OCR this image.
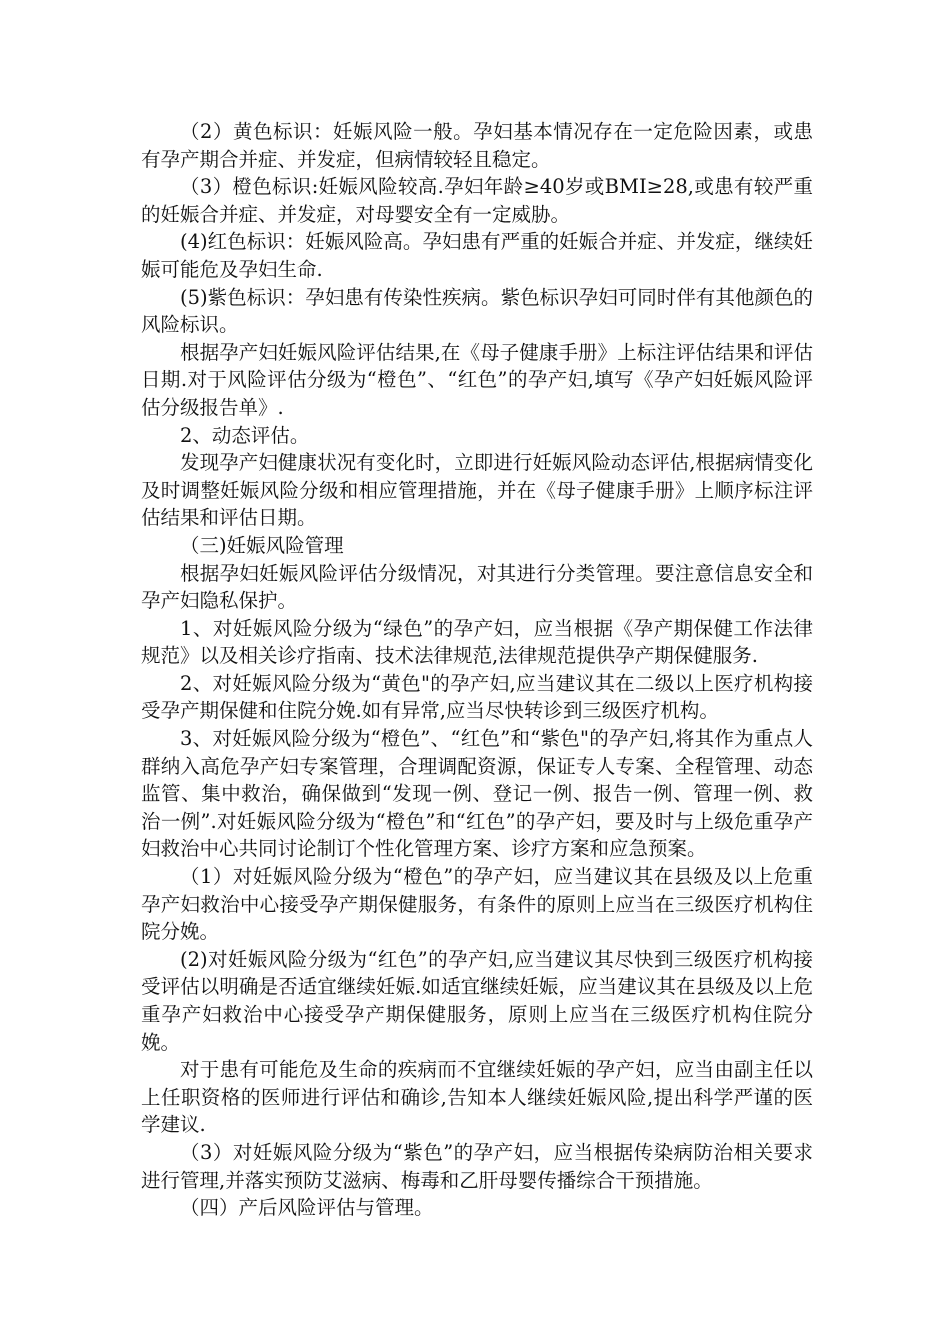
（2）黄色标识：妊娠风险一般。孕妇基本情况存在一定危险因素，或患有孕产期合并症、并发症，但病情较轻且稳定。

（3）橙色标识:妊娠风险较高.孕妇年龄≥40岁或BMI≥28,或患有较严重的妊娠合并症、并发症，对母婴安全有一定威胁。

(4)红色标识：妊娠风险高。孕妇患有严重的妊娠合并症、并发症，继续妊娠可能危及孕妇生命.

(5)紫色标识：孕妇患有传染性疾病。紫色标识孕妇可同时伴有其他颜色的风险标识。

根据孕产妇妊娠风险评估结果,在《母子健康手册》上标注评估结果和评估日期.对于风险评估分级为“橙色”、“红色”的孕产妇,填写《孕产妇妊娠风险评估分级报告单》.

2、动态评估。

发现孕产妇健康状况有变化时，立即进行妊娠风险动态评估,根据病情变化及时调整妊娠风险分级和相应管理措施，并在《母子健康手册》上顺序标注评估结果和评估日期。

（三)妊娠风险管理

根据孕妇妊娠风险评估分级情况，对其进行分类管理。要注意信息安全和孕产妇隐私保护。

1、对妊娠风险分级为“绿色”的孕产妇，应当根据《孕产期保健工作法律规范》以及相关诊疗指南、技术法律规范,法律规范提供孕产期保健服务.

2、对妊娠风险分级为“黄色"的孕产妇,应当建议其在二级以上医疗机构接受孕产期保健和住院分娩.如有异常,应当尽快转诊到三级医疗机构。

3、对妊娠风险分级为“橙色”、“红色”和“紫色"的孕产妇,将其作为重点人群纳入高危孕产妇专案管理，合理调配资源，保证专人专案、全程管理、动态监管、集中救治，确保做到“发现一例、登记一例、报告一例、管理一例、救治一例”.对妊娠风险分级为“橙色”和“红色”的孕产妇，要及时与上级危重孕产妇救治中心共同讨论制订个性化管理方案、诊疗方案和应急预案。

（1）对妊娠风险分级为“橙色”的孕产妇，应当建议其在县级及以上危重孕产妇救治中心接受孕产期保健服务，有条件的原则上应当在三级医疗机构住院分娩。

(2)对妊娠风险分级为“红色”的孕产妇,应当建议其尽快到三级医疗机构接受评估以明确是否适宜继续妊娠.如适宜继续妊娠，应当建议其在县级及以上危重孕产妇救治中心接受孕产期保健服务，原则上应当在三级医疗机构住院分娩。

对于患有可能危及生命的疾病而不宜继续妊娠的孕产妇，应当由副主任以上任职资格的医师进行评估和确诊,告知本人继续妊娠风险,提出科学严谨的医学建议.

（3）对妊娠风险分级为“紫色”的孕产妇，应当根据传染病防治相关要求进行管理,并落实预防艾滋病、梅毒和乙肝母婴传播综合干预措施。

（四）产后风险评估与管理。
